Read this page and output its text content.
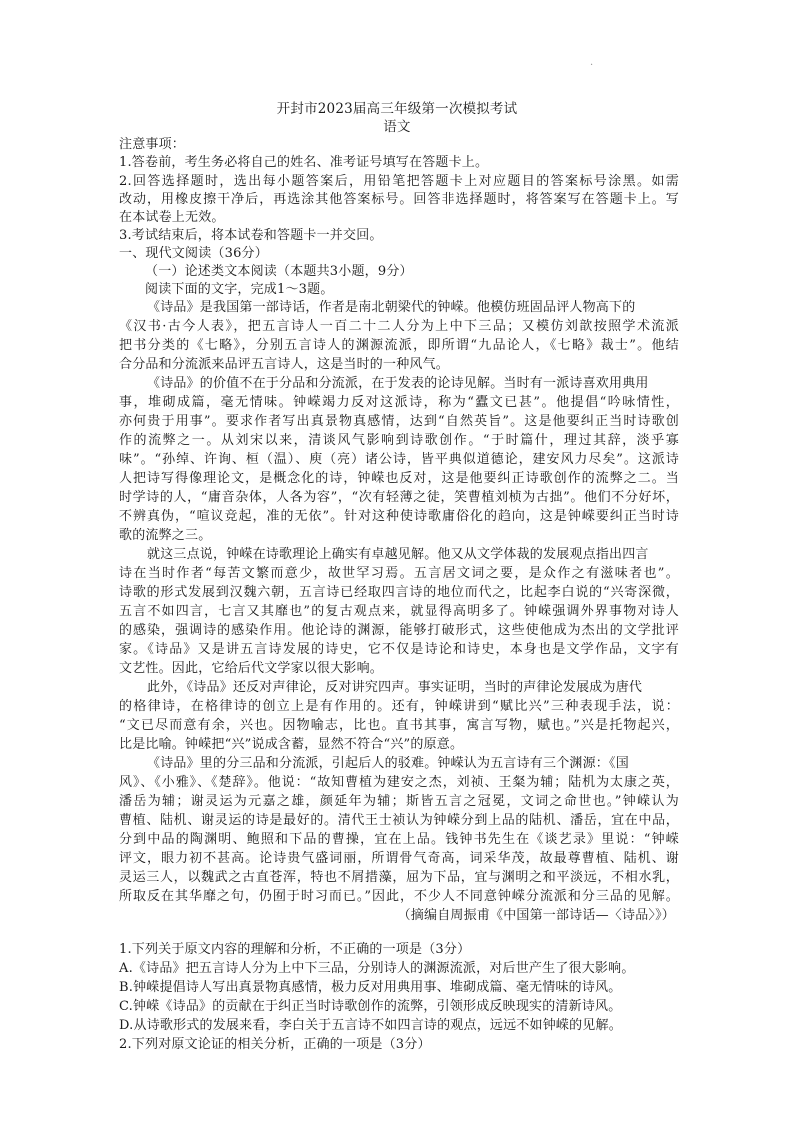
·
开封市2023届高三年级第一次模拟考试
语文
注意事项：
1.答卷前，考生务必将自己的姓名、准考证号填写在答题卡上。
2.回答选择题时，选出每小题答案后，用铅笔把答题卡上对应题目的答案标号涂黑。如需
改动，用橡皮擦干净后，再选涂其他答案标号。回答非选择题时，将答案写在答题卡上。写
在本试卷上无效。
3.考试结束后，将本试卷和答题卡一并交回。
一、现代文阅读（36分）
（一）论述类文本阅读（本题共3小题，9分）
阅读下面的文字，完成1～3题。
《诗品》是我国第一部诗话，作者是南北朝梁代的钟嵘。他模仿班固品评人物高下的
《汉书·古今人表》，把五言诗人一百二十二人分为上中下三品；又模仿刘歆按照学术流派
把书分类的《七略》，分别五言诗人的渊源流派，即所谓“九品论人，《七略》裁士”。他结
合分品和分流派来品评五言诗人，这是当时的一种风气。
《诗品》的价值不在于分品和分流派，在于发表的论诗见解。当时有一派诗喜欢用典用
事，堆砌成篇，毫无情味。钟嵘竭力反对这派诗，称为“蠹文已甚”。他提倡“吟咏情性，
亦何贵于用事”。要求作者写出真景物真感情，达到“自然英旨”。这是他要纠正当时诗歌创
作的流弊之一。从刘宋以来，清谈风气影响到诗歌创作。“于时篇什，理过其辞，淡乎寡
味”。“孙绰、许询、桓（温）、庾（亮）诸公诗，皆平典似道德论，建安风力尽矣”。这派诗
人把诗写得像理论文，是概念化的诗，钟嵘也反对，这是他要纠正诗歌创作的流弊之二。当
时学诗的人，“庸音杂体，人各为容”，“次有轻薄之徒，笑曹植刘桢为古拙”。他们不分好坏，
不辨真伪，“喧议竞起，准的无依”。针对这种使诗歌庸俗化的趋向，这是钟嵘要纠正当时诗
歌的流弊之三。
就这三点说，钟嵘在诗歌理论上确实有卓越见解。他又从文学体裁的发展观点指出四言
诗在当时作者“每苦文繁而意少，故世罕习焉。五言居文词之要，是众作之有滋味者也”。
诗歌的形式发展到汉魏六朝，五言诗已经取四言诗的地位而代之，比起李白说的“兴寄深微，
五言不如四言，七言又其靡也”的复古观点来，就显得高明多了。钟嵘强调外界事物对诗人
的感染，强调诗的感染作用。他论诗的渊源，能够打破形式，这些使他成为杰出的文学批评
家。《诗品》又是讲五言诗发展的诗史，它不仅是诗论和诗史，本身也是文学作品，文字有
文艺性。因此，它给后代文学家以很大影响。
此外，《诗品》还反对声律论，反对讲究四声。事实证明，当时的声律论发展成为唐代
的格律诗，在格律诗的创立上是有作用的。还有，钟嵘讲到“赋比兴”三种表现手法，说：
“文已尽而意有余，兴也。因物喻志，比也。直书其事，寓言写物，赋也。”兴是托物起兴，
比是比喻。钟嵘把“兴”说成含蓄，显然不符合“兴”的原意。
《诗品》里的分三品和分流派，引起后人的驳难。钟嵘认为五言诗有三个渊源：《国
风》、《小雅》、《楚辞》。他说：“故知曹植为建安之杰，刘祯、王粲为辅；陆机为太康之英，
潘岳为辅；谢灵运为元嘉之雄，颜延年为辅；斯皆五言之冠冕，文词之命世也。”钟嵘认为
曹植、陆机、谢灵运的诗是最好的。清代王士祯认为钟嵘分到上品的陆机、潘岳，宜在中品，
分到中品的陶渊明、鲍照和下品的曹操，宜在上品。钱钟书先生在《谈艺录》里说：“钟嵘
评文，眼力初不甚高。论诗贵气盛词丽，所谓骨气奇高，词采华茂，故最尊曹植、陆机、谢
灵运三人，以魏武之古直苍浑，特也不屑措藻，屈为下品，宜与渊明之和平淡远，不相水乳，
所取反在其华靡之句，仍囿于时习而已。”因此，不少人不同意钟嵘分流派和分三品的见解。
（摘编自周振甫《中国第一部诗话—〈诗品〉》）
1.下列关于原文内容的理解和分析，不正确的一项是（3分）
A.《诗品》把五言诗人分为上中下三品，分别诗人的渊源流派，对后世产生了很大影响。
B.钟嵘提倡诗人写出真景物真感情，极力反对用典用事、堆砌成篇、毫无情味的诗风。
C.钟嵘《诗品》的贡献在于纠正当时诗歌创作的流弊，引领形成反映现实的清新诗风。
D.从诗歌形式的发展来看，李白关于五言诗不如四言诗的观点，远远不如钟嵘的见解。
2.下列对原文论证的相关分析，正确的一项是（3分）
